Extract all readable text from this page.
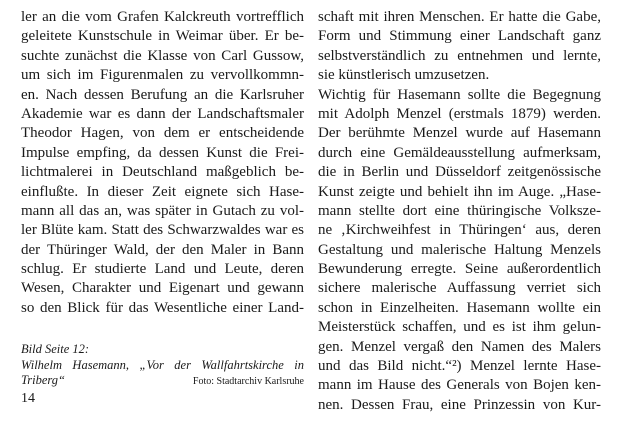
ler an die vom Grafen Kalckreuth vortrefflich
geleitete Kunstschule in Weimar über. Er be-
suchte zunächst die Klasse von Carl Gussow,
um sich im Figurenmalen zu vervollkommn-
en. Nach dessen Berufung an die Karlsruher
Akademie war es dann der Landschaftsmaler
Theodor Hagen, von dem er entscheidende
Impulse empfing, da dessen Kunst die Frei-
lichtmalerei in Deutschland maßgeblich be-
einflußte. In dieser Zeit eignete sich Hase-
mann all das an, was später in Gutach zu vol-
ler Blüte kam. Statt des Schwarzwaldes war es
der Thüringer Wald, der den Maler in Bann
schlug. Er studierte Land und Leute, deren
Wesen, Charakter und Eigenart und gewann
so den Blick für das Wesentliche einer Land-
schaft mit ihren Menschen. Er hatte die Gabe,
Form und Stimmung einer Landschaft ganz
selbstverständlich zu entnehmen und lernte,
sie künstlerisch umzusetzen.
Wichtig für Hasemann sollte die Begegnung
mit Adolph Menzel (erstmals 1879) werden.
Der berühmte Menzel wurde auf Hasemann
durch eine Gemäldeausstellung aufmerksam,
die in Berlin und Düsseldorf zeitgenössische
Kunst zeigte und behielt ihn im Auge. „Hase-
mann stellte dort eine thüringische Volksze-
ne ‚Kirchweihfest in Thüringen‘ aus, deren
Gestaltung und malerische Haltung Menzels
Bewunderung erregte. Seine außerordentlich
sichere malerische Auffassung verriet sich
schon in Einzelheiten. Hasemann wollte ein
Meisterstück schaffen, und es ist ihm gelun-
gen. Menzel vergaß den Namen des Malers
und das Bild nicht.“²) Menzel lernte Hase-
mann im Hause des Generals von Bojen ken-
nen. Dessen Frau, eine Prinzessin von Kur-
Bild Seite 12:
Wilhelm Hasemann, „Vor der Wallfahrtskirche in
Triberg“	Foto: Stadtarchiv Karlsruhe
14
